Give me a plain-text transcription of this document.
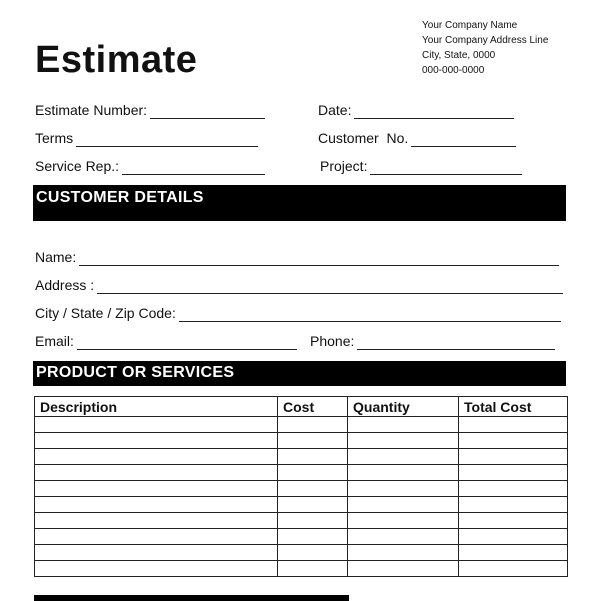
Estimate
Your Company Name
Your Company Address Line
City, State, 0000
000-000-0000
Estimate Number:	Date:
Terms	Customer  No.
Service Rep.:	Project:
CUSTOMER DETAILS
Name:
Address :
City / State / Zip Code:
Email:	Phone:
PRODUCT OR SERVICES
Description	Cost	Quantity	Total Cost
